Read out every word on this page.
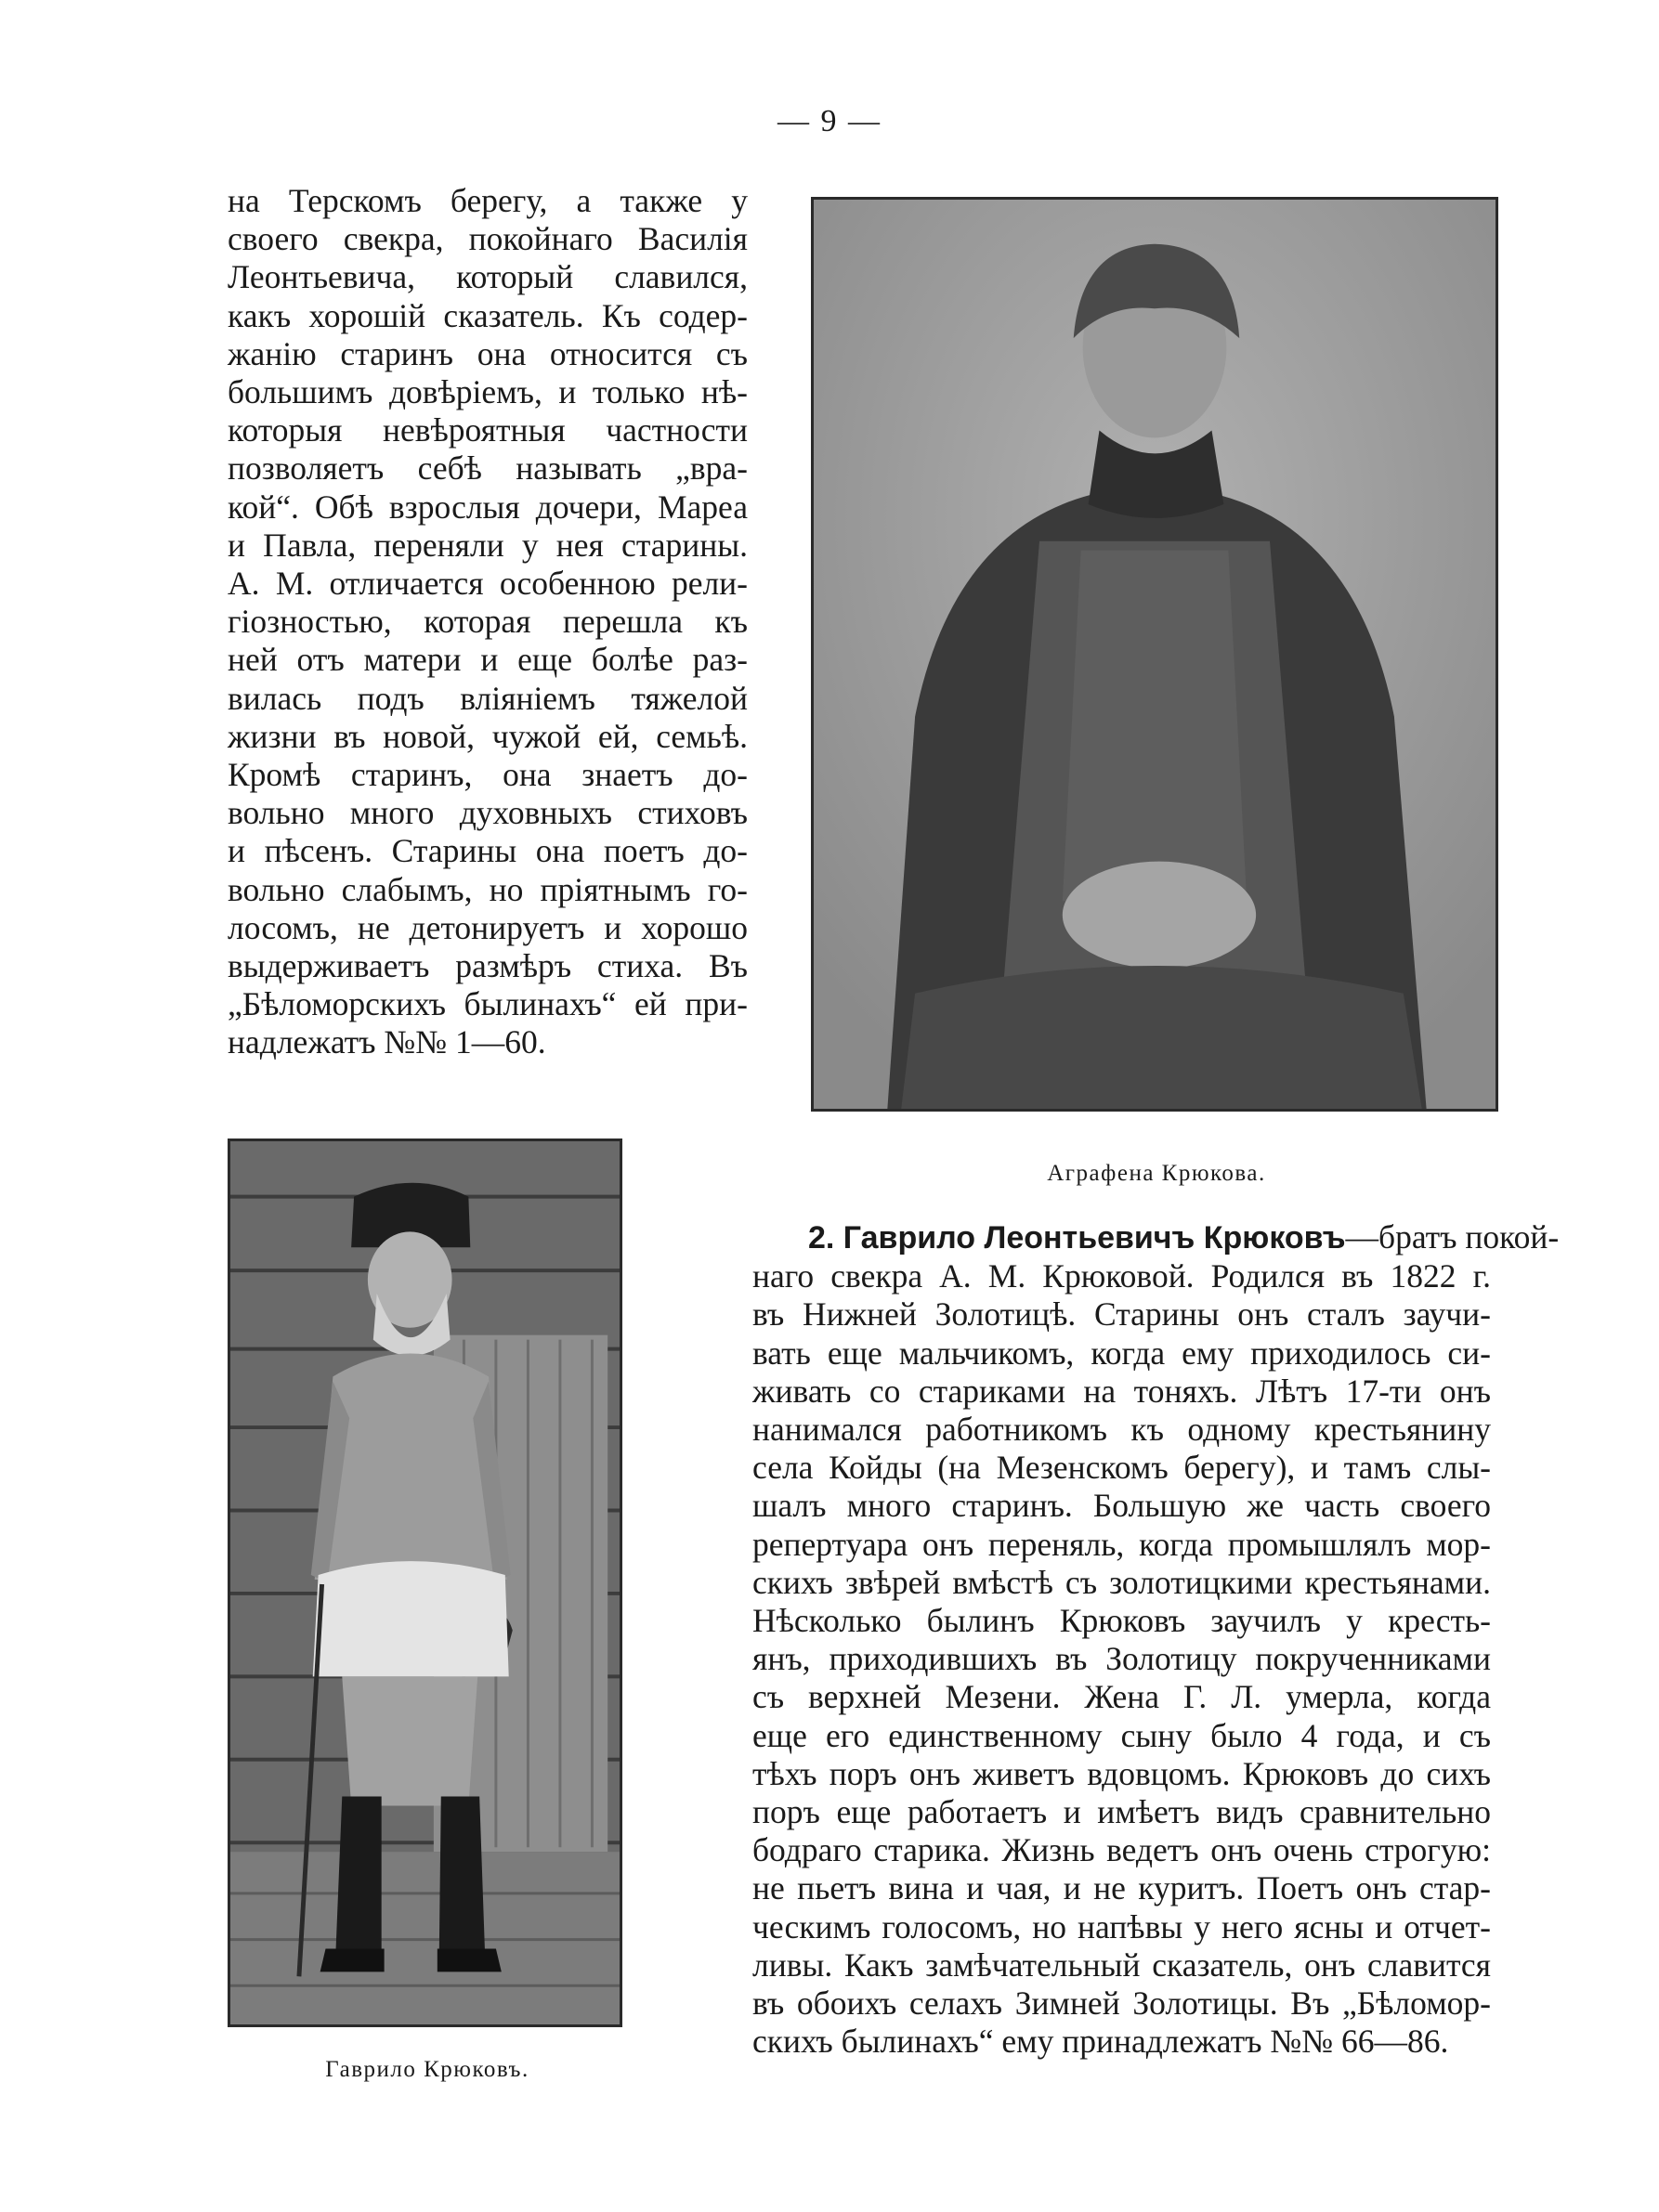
— 9 —
на Терскомъ берегу, а также у
своего свекра, покойнаго Василія
Леонтьевича, который славился,
какъ хорошій сказатель. Къ содер-
жанію старинъ она относится съ
большимъ довѣріемъ, и только нѣ-
которыя невѣроятныя частности
позволяетъ себѣ называть „вра-
кой“. Обѣ взрослыя дочери, Мареа
и Павла, переняли у нея старины.
А. М. отличается особенною рели-
гіозностью, которая перешла къ
ней отъ матери и еще болѣе раз-
вилась подъ вліяніемъ тяжелой
жизни въ новой, чужой ей, семьѣ.
Кромѣ старинъ, она знаетъ до-
вольно много духовныхъ стиховъ
и пѣсенъ. Старины она поетъ до-
вольно слабымъ, но пріятнымъ го-
лосомъ, не детонируетъ и хорошо
выдерживаетъ размѣръ стиха. Въ
„Бѣломорскихъ былинахъ“ ей при-
надлежатъ №№ 1—60.
Аграфена Крюкова.
2. Гаврило Леонтьевичъ Крюковъ—братъ покой-
наго свекра А. М. Крюковой. Родился въ 1822 г.
въ Нижней Золотицѣ. Старины онъ сталъ заучи-
вать еще мальчикомъ, когда ему приходилось си-
живать со стариками на тоняхъ. Лѣтъ 17-ти онъ
нанимался работникомъ къ одному крестьянину
села Койды (на Мезенскомъ берегу), и тамъ слы-
шалъ много старинъ. Большую же часть своего
репертуара онъ переняль, когда промышлялъ мор-
скихъ звѣрей вмѣстѣ съ золотицкими крестьянами.
Нѣсколько былинъ Крюковъ заучилъ у кресть-
янъ, приходившихъ въ Золотицу покрученниками
съ верхней Мезени. Жена Г. Л. умерла, когда
еще его единственному сыну было 4 года, и съ
тѣхъ поръ онъ живетъ вдовцомъ. Крюковъ до сихъ
поръ еще работаетъ и имѣетъ видъ сравнительно
бодраго старика. Жизнь ведетъ онъ очень строгую:
не пьетъ вина и чая, и не куритъ. Поетъ онъ стар-
ческимъ голосомъ, но напѣвы у него ясны и отчет-
ливы. Какъ замѣчательный сказатель, онъ славится
въ обоихъ селахъ Зимней Золотицы. Въ „Бѣломор-
скихъ былинахъ“ ему принадлежатъ №№ 66—86.
Гаврило Крюковъ.
